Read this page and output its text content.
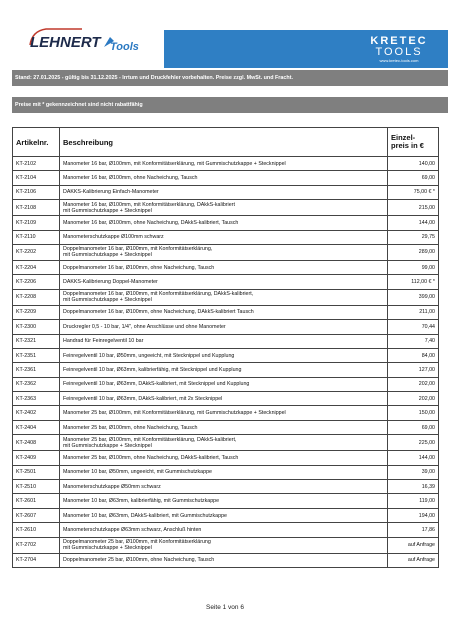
LEHNERT Tools	KRETEC
TOOLS
www.kretec-tools.com
Stand: 27.01.2025 - gültig bis 31.12.2025 - Irrtum und Druckfehler vorbehalten. Preise zzgl. MwSt. und Fracht.
Preise mit * gekennzeichnet sind nicht rabattfähig
Artikelnr.	Beschreibung	Einzel-
preis in €
KT-2102	Manometer 16 bar, Ø100mm, mit Konformitätserklärung, mit Gummischutzkappe + Stecknippel	140,00
KT-2104	Manometer 16 bar, Ø100mm, ohne Nacheichung, Tausch	69,00
KT-2106	DAKKS-Kalibrierung Einfach-Manometer	75,00 € *
KT-2108	Manometer 16 bar, Ø100mm, mit Konformitätserklärung, DAkkS-kalibriert
mit Gummischutzkappe + Stecknippel	215,00
KT-2109	Manometer 16 bar, Ø100mm, ohne Nacheichung, DAkkS-kalibriert, Tausch	144,00
KT-2110	Manometerschutzkappe Ø100mm schwarz	29,75
KT-2202	Doppelmanometer 16 bar, Ø100mm, mit Konformitätserklärung,
mit Gummischutzkappe + Stecknippel	289,00
KT-2204	Doppelmanometer 16 bar, Ø100mm, ohne Nacheichung, Tausch	99,00
KT-2206	DAKKS-Kalibrierung Doppel-Manometer	112,00 € *
KT-2208	Doppelmanometer 16 bar, Ø100mm, mit Konformitätserklärung, DAkkS-kalibriert,
mit Gummischutzkappe + Stecknippel	399,00
KT-2209	Doppelmanometer 16 bar, Ø100mm, ohne Nacheichung, DAkkS-kalibriert Tausch	211,00
KT-2300	Druckregler 0,5 - 10 bar, 1/4", ohne Anschlüsse und ohne Manometer	70,44
KT-2321	Handrad für Feinregelventil 10 bar	7,40
KT-2351	Feinregelventil 10 bar, Ø50mm, ungeeicht, mit Stecknippel und Kupplung	84,00
KT-2361	Feinregelventil 10 bar, Ø63mm, kalibrierfähig, mit Stecknippel und Kupplung	127,00
KT-2362	Feinregelventil 10 bar, Ø63mm, DAkkS-kalibriert, mit Stecknippel und Kupplung	202,00
KT-2363	Feinregelventil 10 bar, Ø63mm, DAkkS-kalibriert, mit 2x Stecknippel	202,00
KT-2402	Manometer 25 bar, Ø100mm, mit Konformitätserklärung, mit Gummischutzkappe + Stecknippel	150,00
KT-2404	Manometer 25 bar, Ø100mm, ohne Nacheichung, Tausch	69,00
KT-2408	Manometer 25 bar, Ø100mm, mit Konformitätserklärung, DAkkS-kalibriert,
mit Gummischutzkappe + Stecknippel	225,00
KT-2409	Manometer 25 bar, Ø100mm, ohne Nacheichung, DAkkS-kalibriert, Tausch	144,00
KT-2501	Manometer 10 bar, Ø50mm, ungeeicht, mit Gummischutzkappe	39,00
KT-2510	Manometerschutzkappe Ø50mm schwarz	16,39
KT-2601	Manometer 10 bar, Ø63mm, kalibrierfähig, mit Gummischutzkappe	119,00
KT-2607	Manometer 10 bar, Ø63mm, DAkkS-kalibriert, mit Gummischutzkappe	194,00
KT-2610	Manometerschutzkappe Ø63mm schwarz, Anschluß hinten	17,86
KT-2702	Doppelmanometer 25 bar, Ø100mm, mit Konformitätserklärung
mit Gummischutzkappe + Stecknippel	auf Anfrage
KT-2704	Doppelmanometer 25 bar, Ø100mm, ohne Nacheichung, Tausch	auf Anfrage
Seite 1 von 6
